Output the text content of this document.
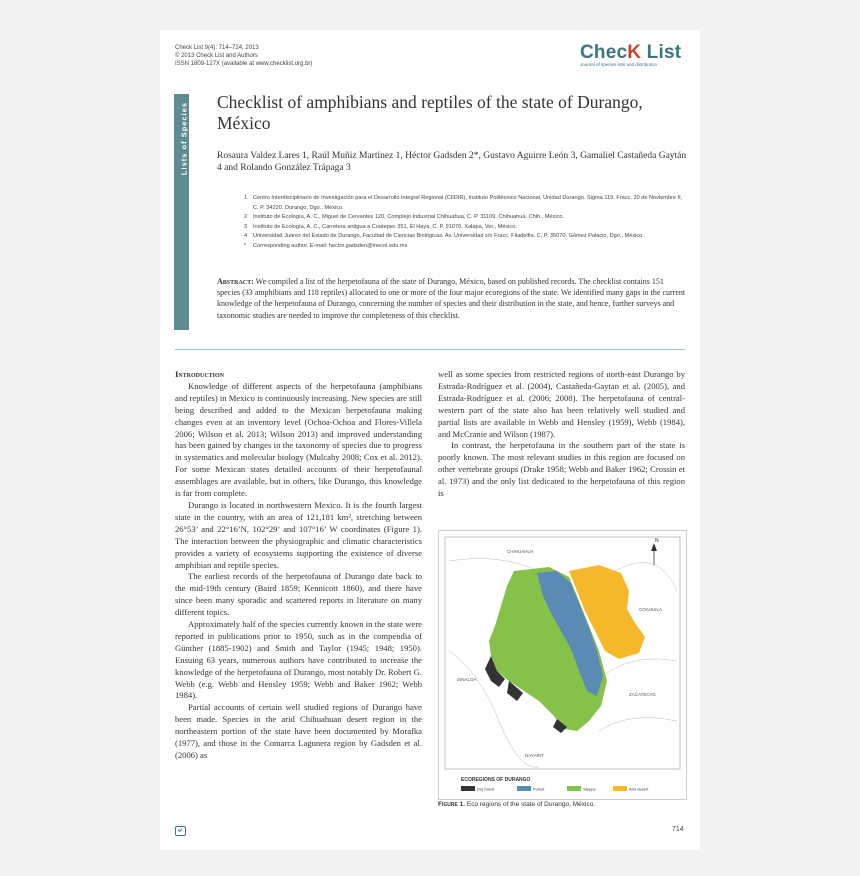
Check List 9(4): 714–724, 2013
© 2013 Check List and Authors
ISSN 1809-127X (available at www.checklist.org.br)
ChecK List
Journal of species lists and distribution
Lists of Species Checklist of amphibians and reptiles of the state of Durango, México
Rosaura Valdez Lares 1, Raúl Muñiz Martínez 1, Héctor Gadsden 2*, Gustavo Aguirre León 3, Gamaliel Castañeda Gaytán 4 and Rolando González Trápaga 3
1	Centro Interdisciplinario de Investigación para el Desarrollo Integral Regional (CIIDIR), Instituto Politécnico Nacional, Unidad Durango. Sigma 119, Fracc. 20 de Noviembre II, C. P. 34220. Durango, Dgo., México.
2	Instituto de Ecología, A. C., Miguel de Cervantes 120, Complejo Industrial Chihuahua, C. P. 31109. Chihuahua, Chih., México.
3	Instituto de Ecología, A. C., Carretera antigua a Coatepec 351, El Haya, C. P. 91070. Xalapa, Ver., México.
4	Universidad Juárez del Estado de Durango, Facultad de Ciencias Biológicas. Av. Universidad s/n Fracc. Filadelfia. C. P. 35070. Gómez Palacio, Dgo., México.
*	Corresponding author. E-mail: hector.gadsden@inecol.edu.mx
Abstract: We compiled a list of the herpetofauna of the state of Durango, México, based on published records. The checklist contains 151 species (33 amphibians and 118 reptiles) allocated to one or more of the four major ecoregions of the state. We identified many gaps in the current knowledge of the herpetofauna of Durango, concerning the number of species and their distribution in the state, and hence, further surveys and taxonomic studies are needed to improve the completeness of this checklist.

Introduction

Knowledge of different aspects of the herpetofauna (amphibians and reptiles) in Mexico is continuously increasing. New species are still being described and added to the Mexican herpetofauna making changes even at an inventory level (Ochoa-Ochoa and Flores-Villela 2006; Wilson et al. 2013; Wilson 2013) and improved understanding has been gained by changes in the taxonomy of species due to progress in systematics and molecular biology (Mulcahy 2008; Cox et al. 2012). For some Mexican states detailed accounts of their herpetofaunal assemblages are available, but in others, like Durango, this knowledge is far from complete.

Durango is located in northwestern Mexico. It is the fourth largest state in the country, with an area of 121,181 km², stretching between 26°53’ and 22°16’N, 102°29’ and 107°16’ W coordinates (Figure 1). The interaction between the physiographic and climatic characteristics provides a variety of ecosystems supporting the existence of diverse amphibian and reptile species.

The earliest records of the herpetofauna of Durango date back to the mid-19th century (Baird 1859; Kennicott 1860), and there have since been many sporadic and scattered reports in literature on many different topics.

Approximately half of the species currently known in the state were reported in publications prior to 1950, such as in the compendia of Günther (1885-1902) and Smith and Taylor (1945; 1948; 1950). Ensuing 63 years, numerous authors have contributed to increase the knowledge of the herpetofauna of Durango, most notably Dr. Robert G. Webb (e.g. Webb and Hensley 1959; Webb and Baker 1962; Webb 1984).

Partial accounts of certain well studied regions of Durango have been made. Species in the arid Chihuahuan desert region in the northeastern portion of the state have been documented by Morafka (1977), and those in the Comarca Lagunera region by Gadsden et al. (2006) as

well as some species from restricted regions of north-east Durango by Estrada-Rodríguez et al. (2004), Castañeda-Gaytan et al. (2005), and Estrada-Rodríguez et al. (2006; 2008). The herpetofauna of central-western part of the state also has been relatively well studied and partial lists are available in Webb and Hensley (1959), Webb (1984), and McCranie and Wilson (1987).

In contrast, the herpetofauna in the southern part of the state is poorly known. The most relevant studies in this region are focused on other vertebrate groups (Drake 1958; Webb and Baker 1962; Crossin et al. 1973) and the only list dedicated to the herpetofauna of this region is

N
CHIHUAHUA
SINALOA
COAHUILA
ZACATECAS
NAYARIT
ECOREGIONS OF DURANGO
Dry forest	Forest	Steppe	Arid desert
Figure 1. Eco regions of the state of Durango, México.
714
